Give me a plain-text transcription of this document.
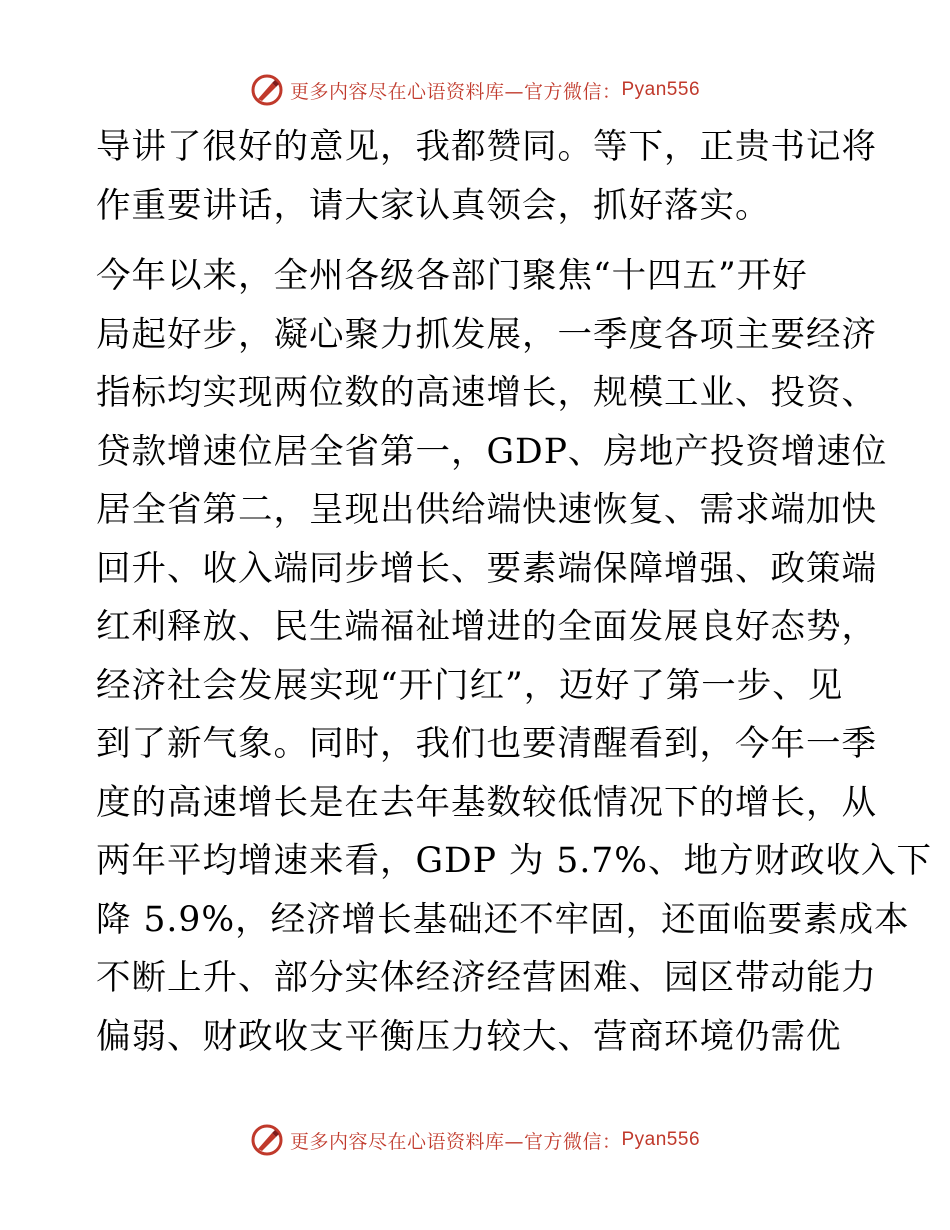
更多内容尽在心语资料库—官方微信： Pyan556

导讲了很好的意见，我都赞同。等下，正贵书记将
作重要讲话，请大家认真领会，抓好落实。

今年以来，全州各级各部门聚焦“十四五”开好
局起好步，凝心聚力抓发展，一季度各项主要经济
指标均实现两位数的高速增长，规模工业、投资、
贷款增速位居全省第一，GDP、房地产投资增速位
居全省第二，呈现出供给端快速恢复、需求端加快
回升、收入端同步增长、要素端保障增强、政策端
红利释放、民生端福祉增进的全面发展良好态势，
经济社会发展实现“开门红”，迈好了第一步、见
到了新气象。同时，我们也要清醒看到，今年一季
度的高速增长是在去年基数较低情况下的增长，从
两年平均增速来看，GDP 为 5.7%、地方财政收入下
降 5.9%，经济增长基础还不牢固，还面临要素成本
不断上升、部分实体经济经营困难、园区带动能力
偏弱、财政收支平衡压力较大、营商环境仍需优

更多内容尽在心语资料库—官方微信： Pyan556
